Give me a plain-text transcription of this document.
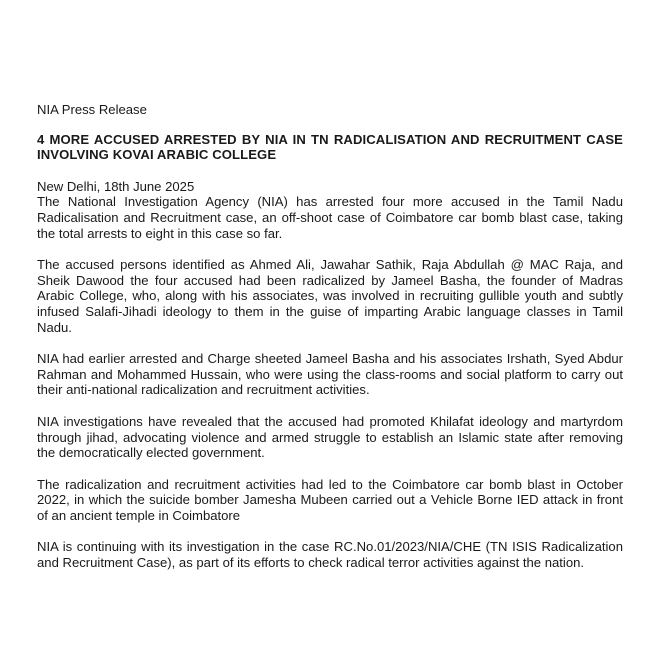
NIA Press Release
4 MORE ACCUSED ARRESTED BY NIA IN TN RADICALISATION AND RECRUITMENT CASE INVOLVING KOVAI ARABIC COLLEGE
New Delhi, 18th June 2025
The National Investigation Agency (NIA) has arrested four more accused in the Tamil Nadu Radicalisation and Recruitment case, an off-shoot case of Coimbatore car bomb blast case, taking the total arrests to eight in this case so far.
The accused persons identified as Ahmed Ali, Jawahar Sathik, Raja Abdullah @ MAC Raja, and Sheik Dawood the four accused had been radicalized by Jameel Basha, the founder of Madras Arabic College, who, along with his associates, was involved in recruiting gullible youth and subtly infused Salafi-Jihadi ideology to them in the guise of imparting Arabic language classes in Tamil Nadu.
NIA had earlier arrested and Charge sheeted Jameel Basha and his associates Irshath, Syed Abdur Rahman and Mohammed Hussain, who were using the class-rooms and social platform to carry out their anti-national radicalization and recruitment activities.
NIA investigations have revealed that the accused had promoted Khilafat ideology and martyrdom through jihad, advocating violence and armed struggle to establish an Islamic state after removing the democratically elected government.
The radicalization and recruitment activities had led to the Coimbatore car bomb blast in October 2022, in which the suicide bomber Jamesha Mubeen carried out a Vehicle Borne IED attack in front of an ancient temple in Coimbatore
NIA is continuing with its investigation in the case RC.No.01/2023/NIA/CHE (TN ISIS Radicalization and Recruitment Case), as part of its efforts to check radical terror activities against the nation.
